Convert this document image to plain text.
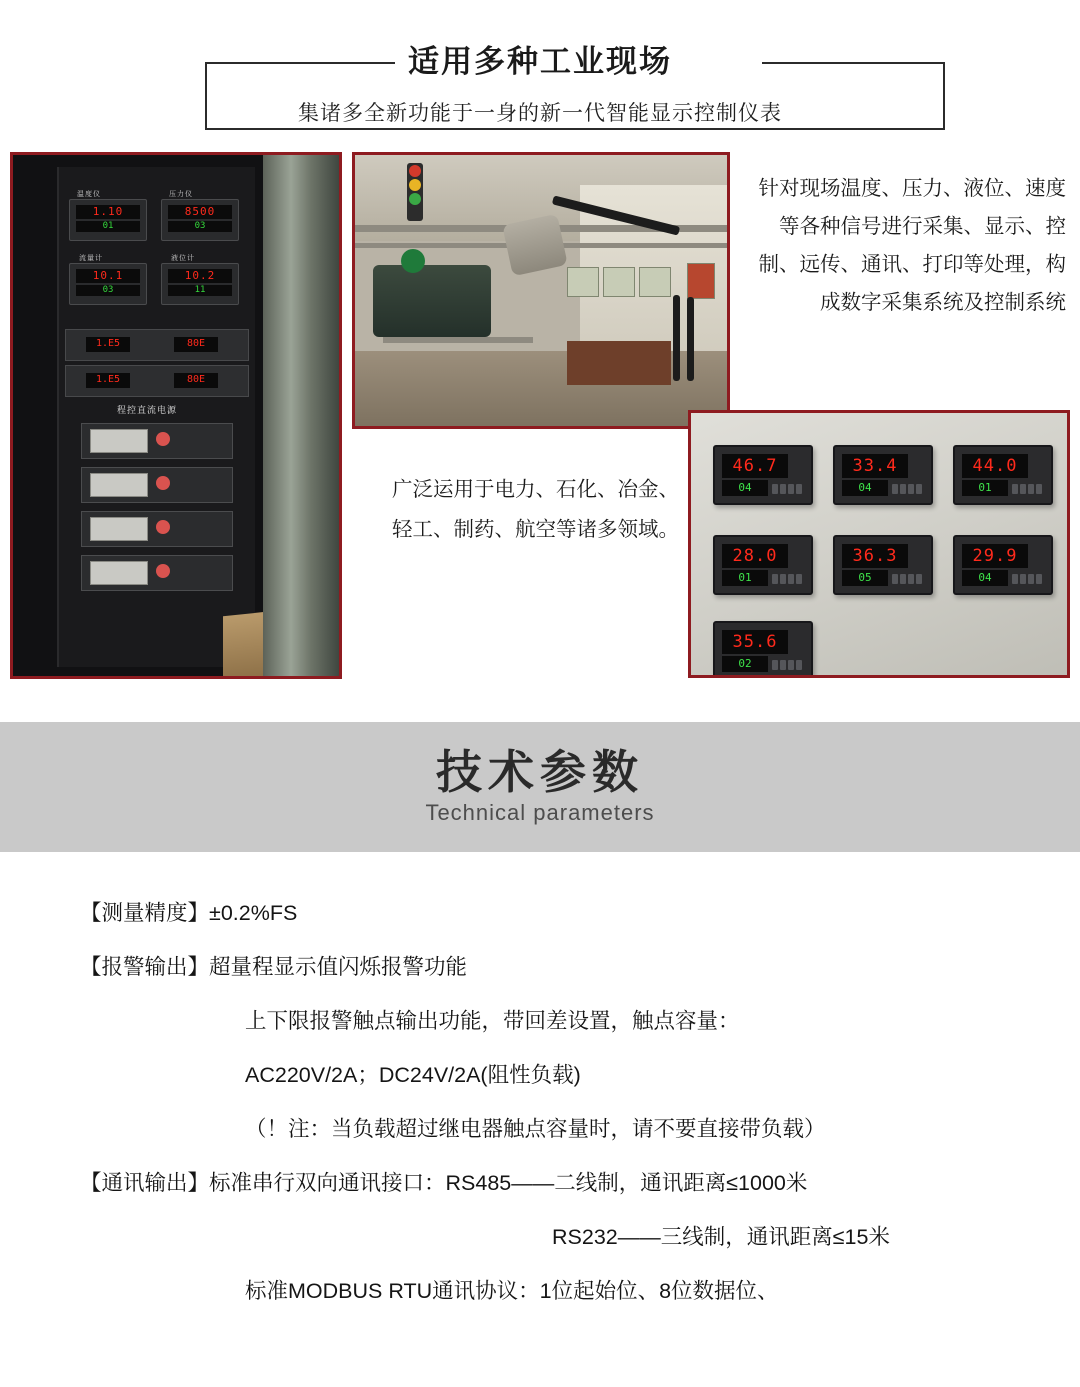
适用多种工业现场
集诸多全新功能于一身的新一代智能显示控制仪表
温度仪	压力仪
1.10
01
8500
03
流量计	液位计
10.1
03
10.2
11
1.E5	80E
1.E5	80E
程控直流电源
46.7
04
33.4
04
44.0
01
28.0
01
36.3
05
29.9
04
35.6
02
针对现场温度、压力、液位、速度等各种信号进行采集、显示、控制、远传、通讯、打印等处理，构成数字采集系统及控制系统
广泛运用于电力、石化、冶金、轻工、制药、航空等诸多领域。
技术参数
Technical parameters
【测量精度】 ±0.2%FS
【报警输出】 超量程显示值闪烁报警功能
上下限报警触点输出功能，带回差设置，触点容量：
AC220V/2A；DC24V/2A(阻性负载)
（！注：当负载超过继电器触点容量时，请不要直接带负载）
【通讯输出】 标准串行双向通讯接口：RS485——二线制，通讯距离≤1000米
RS232——三线制，通讯距离≤15米
标准MODBUS RTU通讯协议：1位起始位、8位数据位、
